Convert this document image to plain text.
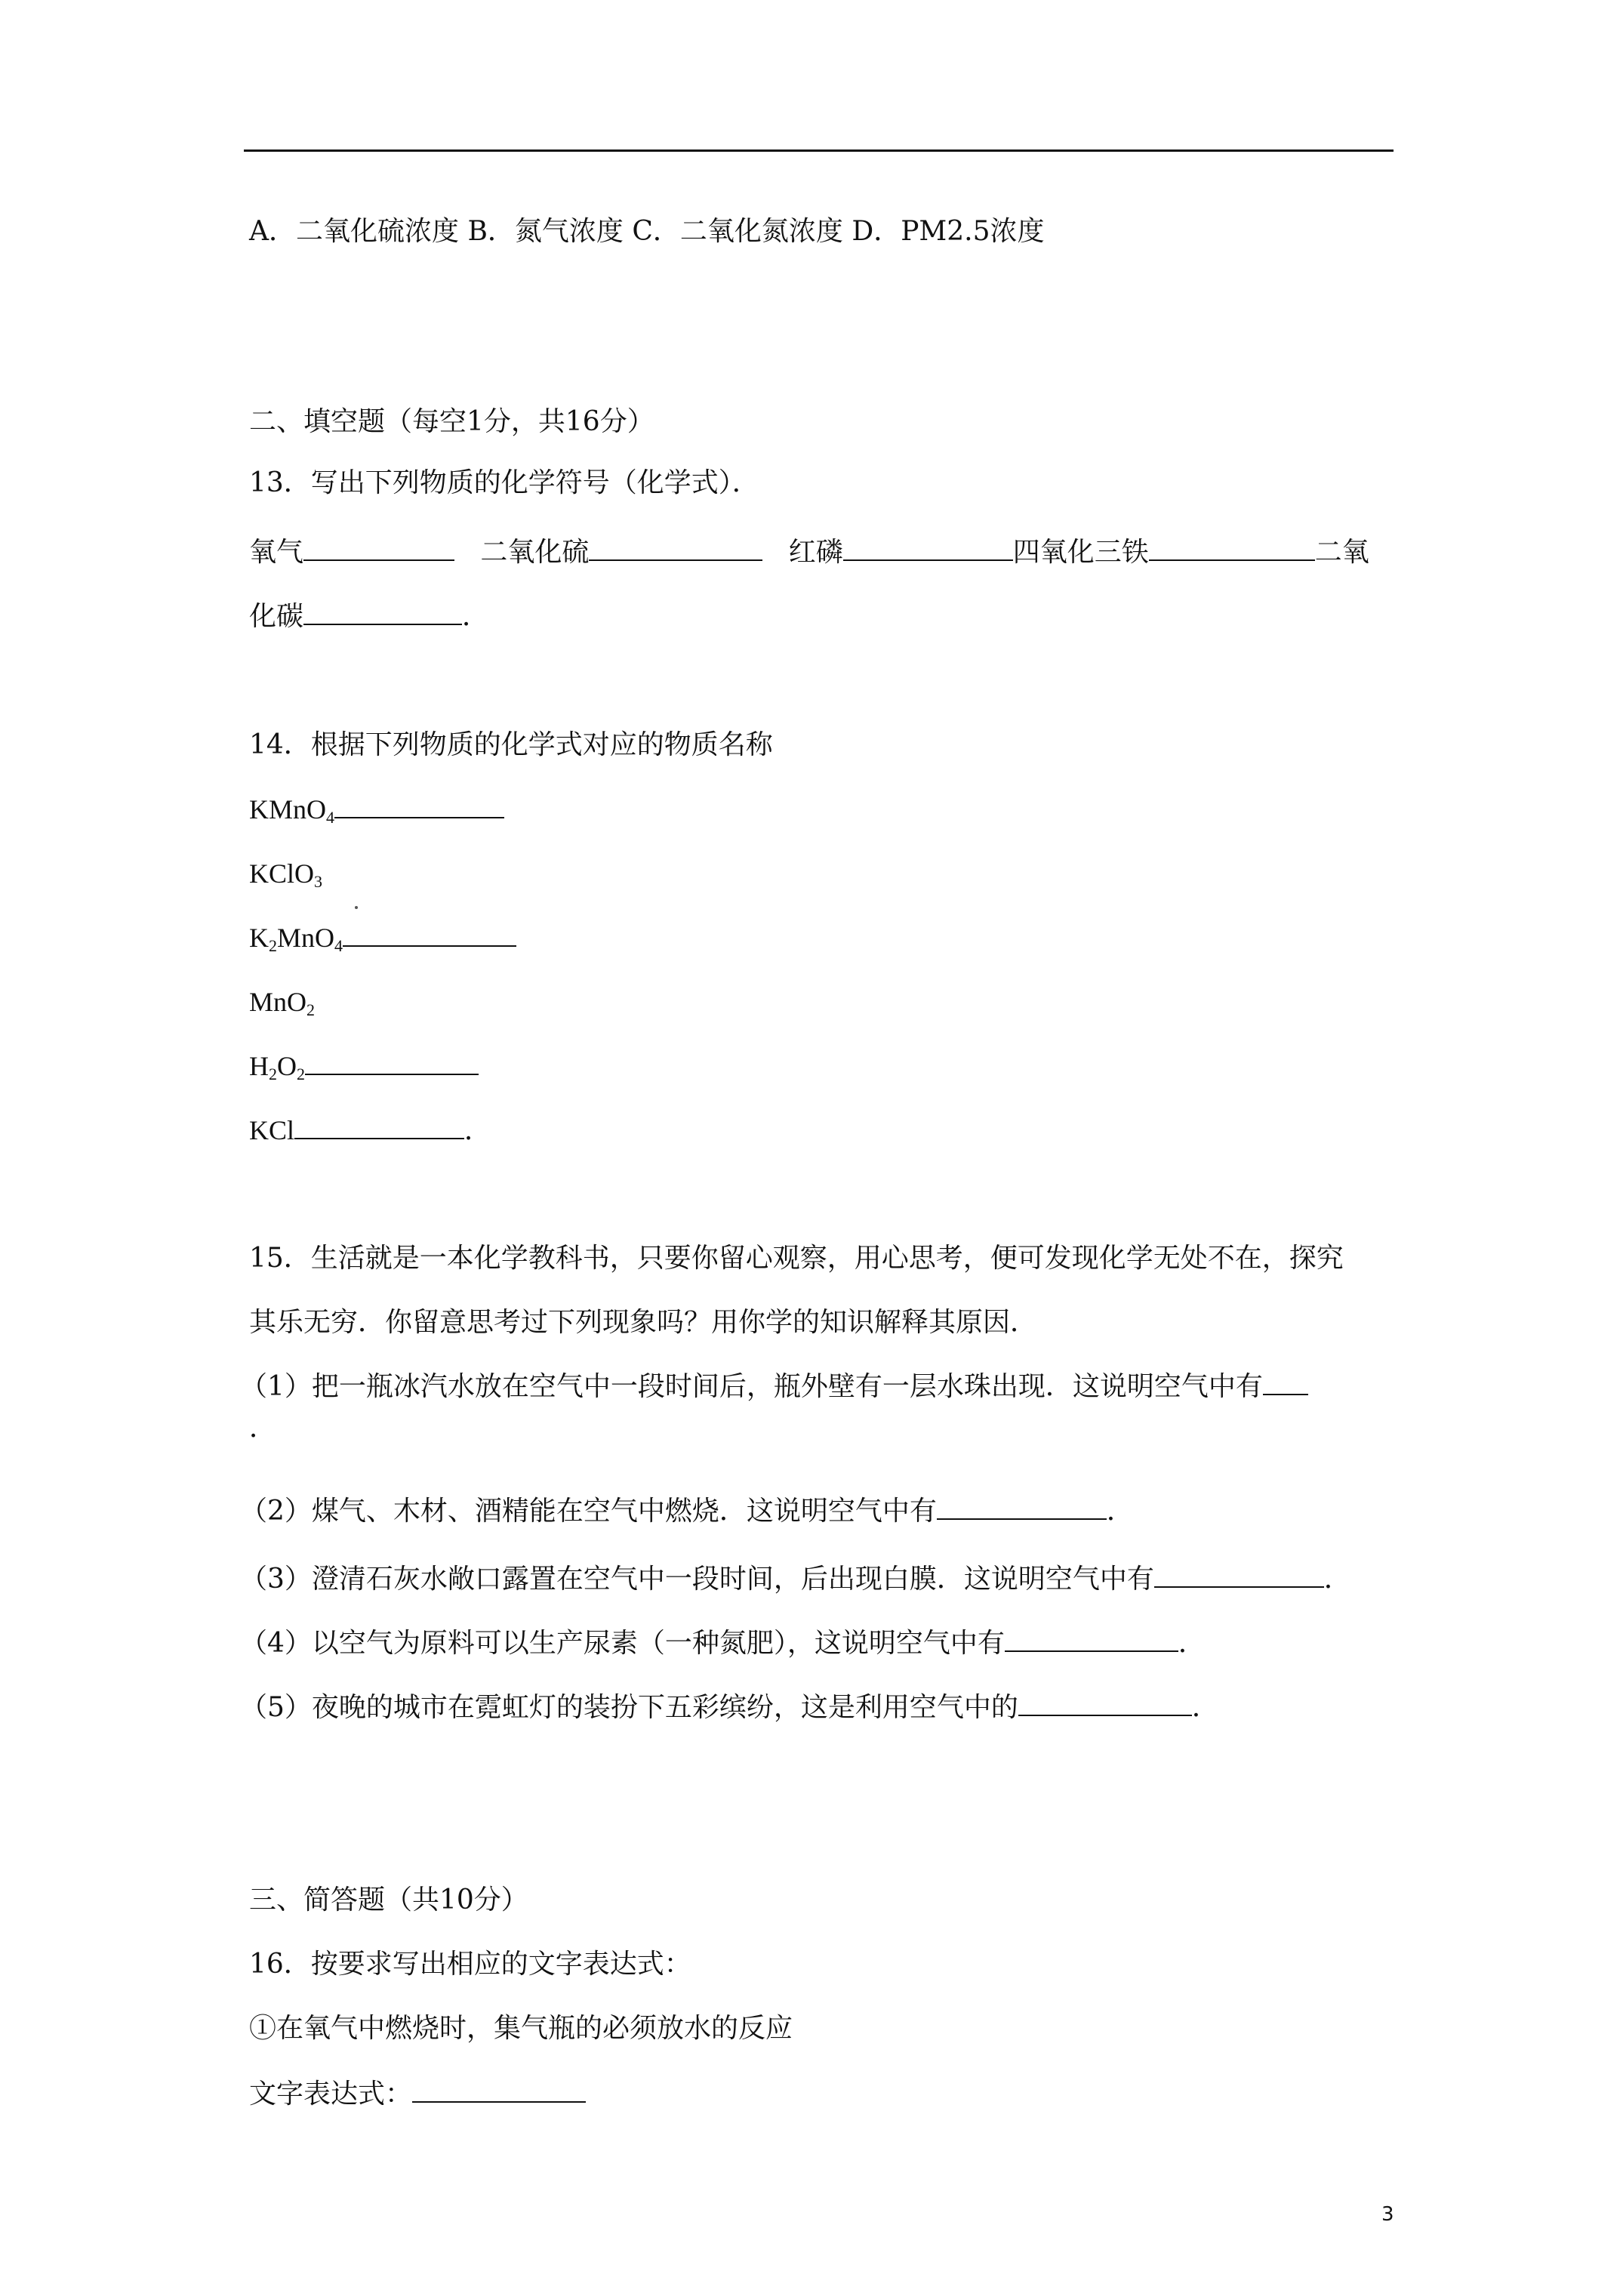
A．二氧化硫浓度 B．氮气浓度 C．二氧化氮浓度 D．PM2.5浓度
二、填空题（每空1分，共16分）
13．写出下列物质的化学符号（化学式）．
氧气	二氧化硫	红磷	四氧化三铁	二氧
化碳	．
14．根据下列物质的化学式对应的物质名称
KMnO$_4$
KClO$_3$
$K_2MnO_4$
MnO$_2$
$H_2O_2$
KCl	．
15．生活就是一本化学教科书，只要你留心观察，用心思考，便可发现化学无处不在，探究
其乐无穷．你留意思考过下列现象吗？用你学的知识解释其原因．
（1）把一瓶冰汽水放在空气中一段时间后，瓶外壁有一层水珠出现．这说明空气中有
．
（2）煤气、木材、酒精能在空气中燃烧．这说明空气中有	．
（3）澄清石灰水敞口露置在空气中一段时间，后出现白膜．这说明空气中有	．
（4）以空气为原料可以生产尿素（一种氮肥），这说明空气中有	．
（5）夜晚的城市在霓虹灯的装扮下五彩缤纷，这是利用空气中的	．
三、简答题（共10分）
16．按要求写出相应的文字表达式：
①在氧气中燃烧时，集气瓶的必须放水的反应
文字表达式：
3
